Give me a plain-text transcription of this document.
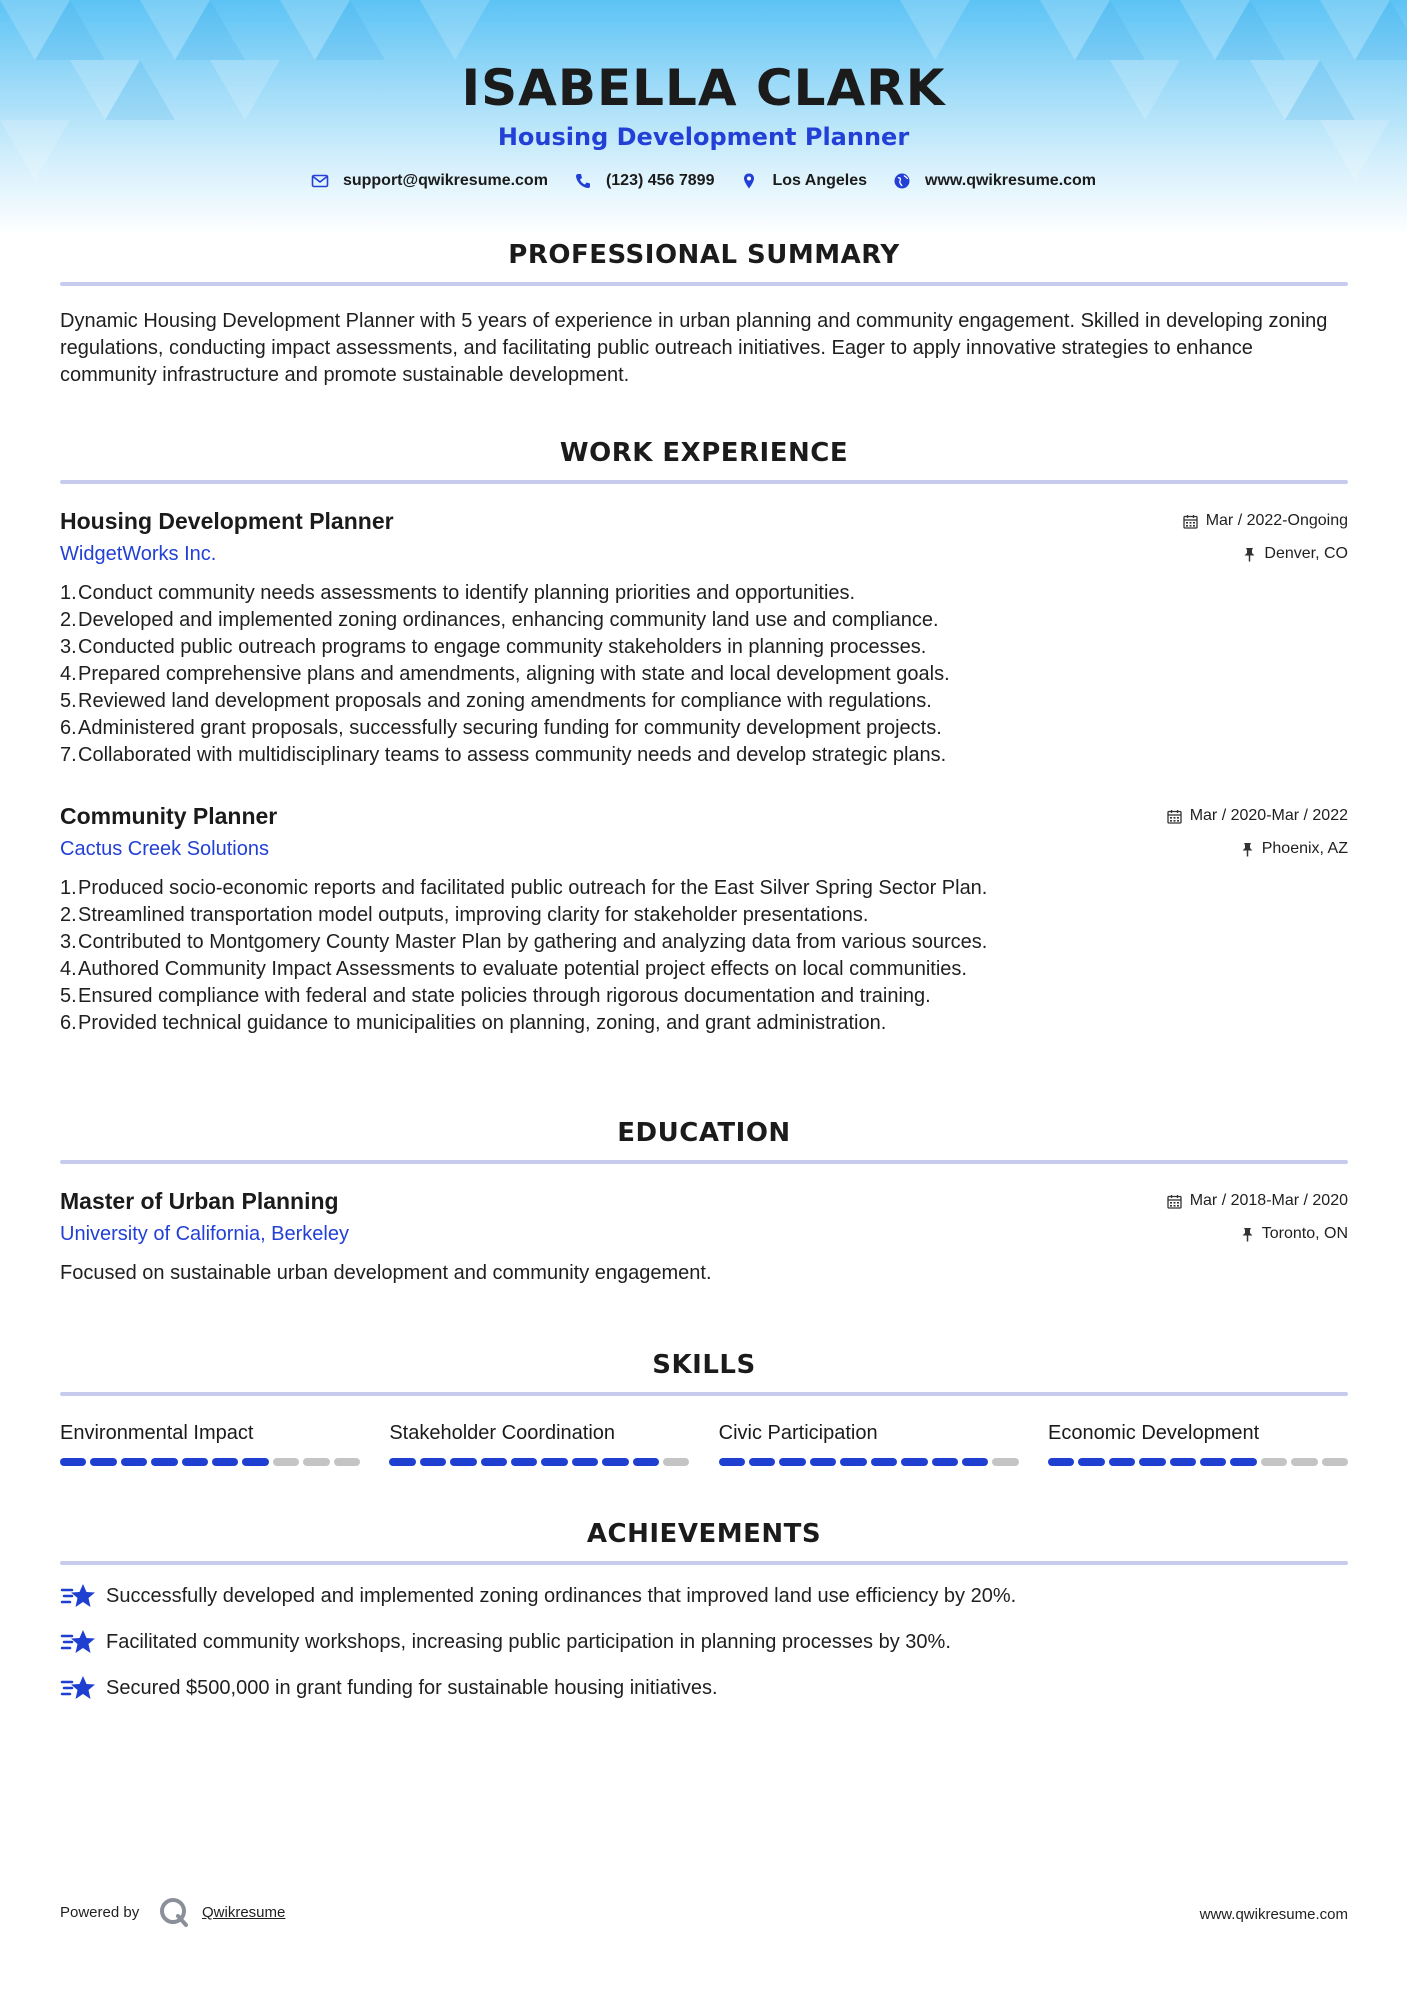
ISABELLA CLARK
Housing Development Planner
support@qwikresume.com	(123) 456 7899	Los Angeles	www.qwikresume.com
PROFESSIONAL SUMMARY
Dynamic Housing Development Planner with 5 years of experience in urban planning and community engagement. Skilled in developing zoning regulations, conducting impact assessments, and facilitating public outreach initiatives. Eager to apply innovative strategies to enhance community infrastructure and promote sustainable development.
WORK EXPERIENCE
Housing Development Planner
WidgetWorks Inc.
Mar / 2022-Ongoing
Denver, CO
1. Conduct community needs assessments to identify planning priorities and opportunities.
2. Developed and implemented zoning ordinances, enhancing community land use and compliance.
3. Conducted public outreach programs to engage community stakeholders in planning processes.
4. Prepared comprehensive plans and amendments, aligning with state and local development goals.
5. Reviewed land development proposals and zoning amendments for compliance with regulations.
6. Administered grant proposals, successfully securing funding for community development projects.
7. Collaborated with multidisciplinary teams to assess community needs and develop strategic plans.
Community Planner
Cactus Creek Solutions
Mar / 2020-Mar / 2022
Phoenix, AZ
1. Produced socio-economic reports and facilitated public outreach for the East Silver Spring Sector Plan.
2. Streamlined transportation model outputs, improving clarity for stakeholder presentations.
3. Contributed to Montgomery County Master Plan by gathering and analyzing data from various sources.
4. Authored Community Impact Assessments to evaluate potential project effects on local communities.
5. Ensured compliance with federal and state policies through rigorous documentation and training.
6. Provided technical guidance to municipalities on planning, zoning, and grant administration.
EDUCATION
Master of Urban Planning
University of California, Berkeley
Mar / 2018-Mar / 2020
Toronto, ON
Focused on sustainable urban development and community engagement.
SKILLS
Environmental Impact	Stakeholder Coordination	Civic Participation	Economic Development
ACHIEVEMENTS
Successfully developed and implemented zoning ordinances that improved land use efficiency by 20%.
Facilitated community workshops, increasing public participation in planning processes by 30%.
Secured $500,000 in grant funding for sustainable housing initiatives.
Powered by	Qwikresume	www.qwikresume.com
